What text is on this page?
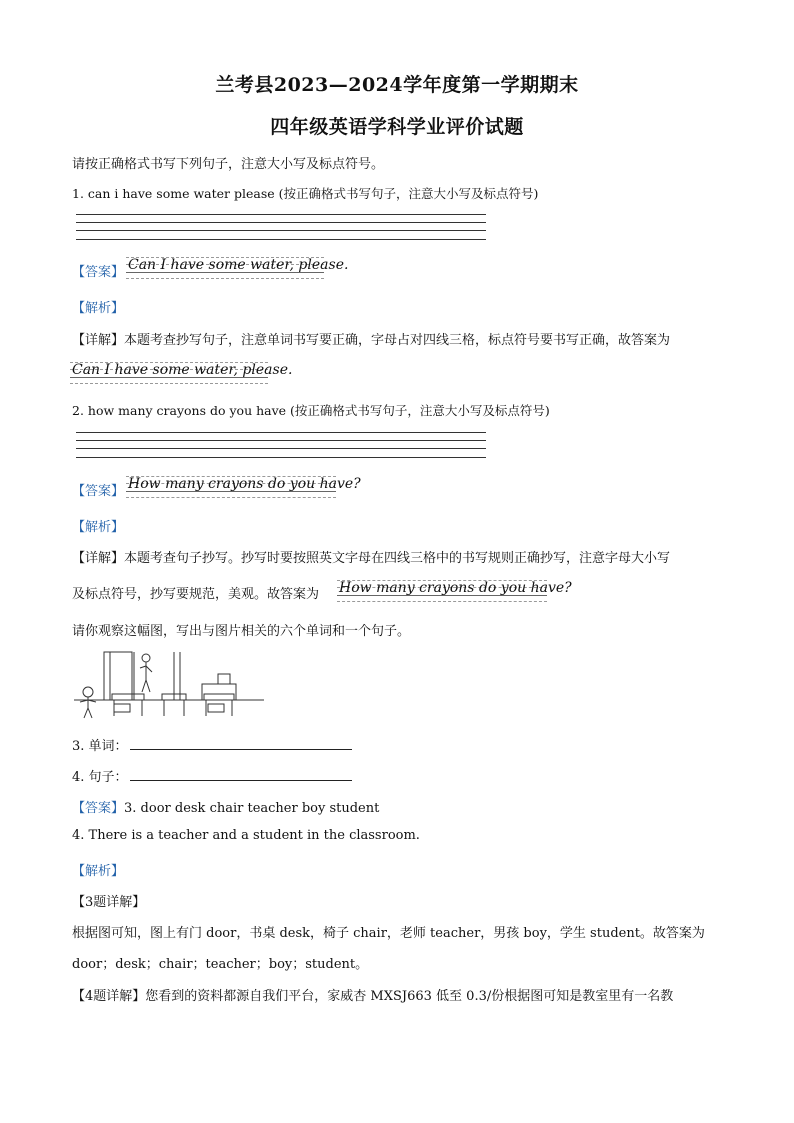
兰考县2023—2024学年度第一学期期末
四年级英语学科学业评价试题
请按正确格式书写下列句子，注意大小写及标点符号。
1. can i have some water please (按正确格式书写句子，注意大小写及标点符号)
【答案】 Can I have some water, please.
【解析】
【详解】本题考查抄写句子，注意单词书写要正确，字母占对四线三格，标点符号要书写正确，故答案为
Can I have some water, please.
2. how many crayons do you have (按正确格式书写句子，注意大小写及标点符号)
【答案】 How many crayons do you have?
【解析】
【详解】本题考查句子抄写。抄写时要按照英文字母在四线三格中的书写规则正确抄写，注意字母大小写
及标点符号，抄写要规范，美观。故答案为 How many crayons do you have?
请你观察这幅图，写出与图片相关的六个单词和一个句子。
3. 单词：
4. 句子：
【答案】3. door desk chair teacher boy student
4. There is a teacher and a student in the classroom.
【解析】
【3题详解】
根据图可知，图上有门 door，书桌 desk，椅子 chair，老师 teacher，男孩 boy，学生 student。故答案为
door；desk；chair；teacher；boy；student。
【4题详解】您看到的资料都源自我们平台，家威杏 MXSJ663 低至 0.3/份根据图可知是教室里有一名教
